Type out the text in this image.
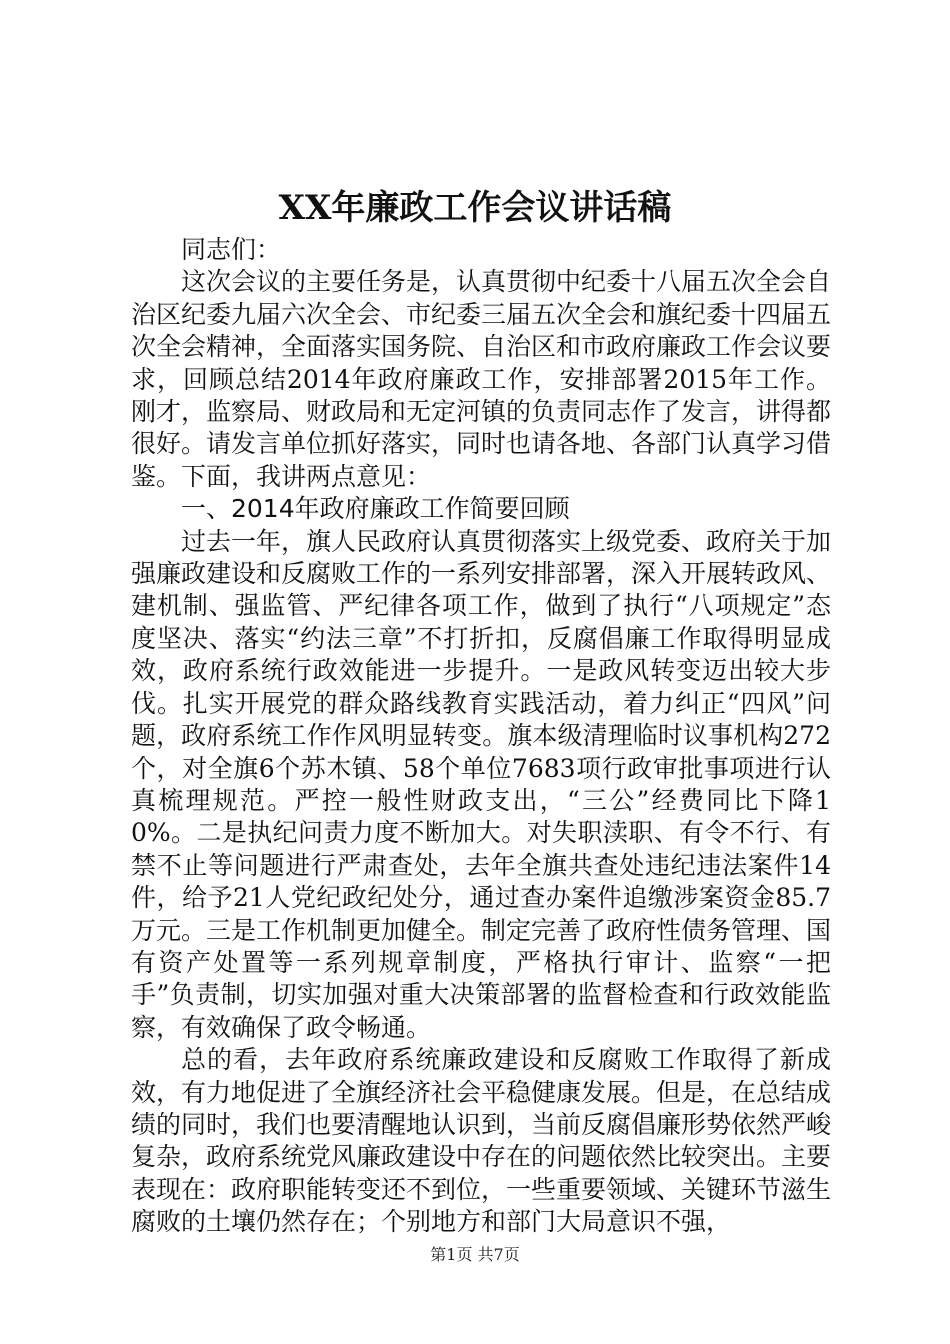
XX年廉政工作会议讲话稿

同志们：

这次会议的主要任务是，认真贯彻中纪委十八届五次全会自治区纪委九届六次全会、市纪委三届五次全会和旗纪委十四届五次全会精神，全面落实国务院、自治区和市政府廉政工作会议要求，回顾总结2014年政府廉政工作，安排部署2015年工作。刚才，监察局、财政局和无定河镇的负责同志作了发言，讲得都很好。请发言单位抓好落实，同时也请各地、各部门认真学习借鉴。下面，我讲两点意见：

一、2014年政府廉政工作简要回顾

过去一年，旗人民政府认真贯彻落实上级党委、政府关于加强廉政建设和反腐败工作的一系列安排部署，深入开展转政风、建机制、强监管、严纪律各项工作，做到了执行“八项规定”态度坚决、落实“约法三章”不打折扣，反腐倡廉工作取得明显成效，政府系统行政效能进一步提升。一是政风转变迈出较大步伐。扎实开展党的群众路线教育实践活动，着力纠正“四风”问题，政府系统工作作风明显转变。旗本级清理临时议事机构272个，对全旗6个苏木镇、58个单位7683项行政审批事项进行认真梳理规范。严控一般性财政支出，“三公”经费同比下降10%。二是执纪问责力度不断加大。对失职渎职、有令不行、有禁不止等问题进行严肃查处，去年全旗共查处违纪违法案件14件，给予21人党纪政纪处分，通过查办案件追缴涉案资金85.7万元。三是工作机制更加健全。制定完善了政府性债务管理、国有资产处置等一系列规章制度，严格执行审计、监察“一把手”负责制，切实加强对重大决策部署的监督检查和行政效能监察，有效确保了政令畅通。

总的看，去年政府系统廉政建设和反腐败工作取得了新成效，有力地促进了全旗经济社会平稳健康发展。但是，在总结成绩的同时，我们也要清醒地认识到，当前反腐倡廉形势依然严峻复杂，政府系统党风廉政建设中存在的问题依然比较突出。主要表现在：政府职能转变还不到位，一些重要领域、关键环节滋生腐败的土壤仍然存在；个别地方和部门大局意识不强，

第1页 共7页
